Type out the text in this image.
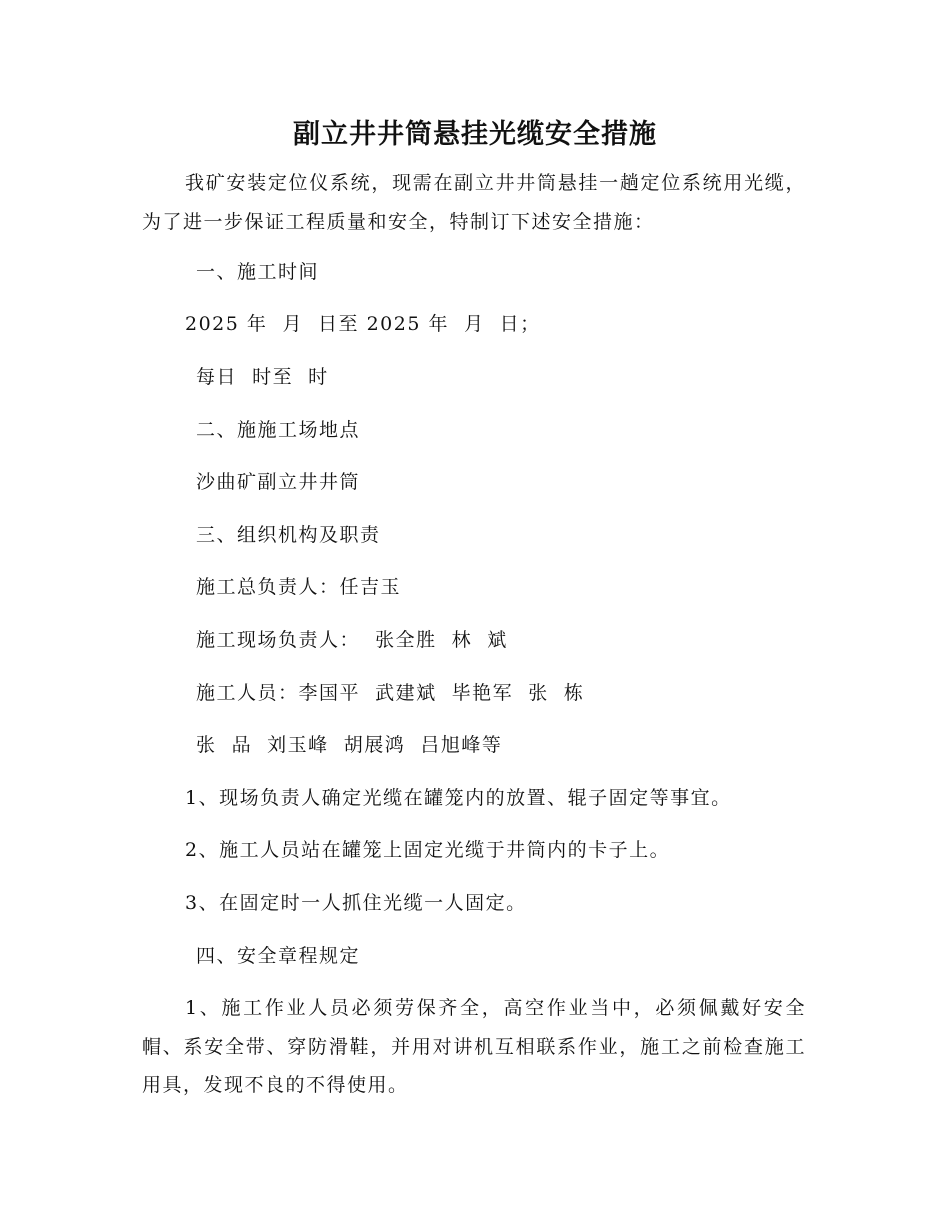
副立井井筒悬挂光缆安全措施
我矿安装定位仪系统，现需在副立井井筒悬挂一趟定位系统用光缆，为了进一步保证工程质量和安全，特制订下述安全措施：
一、施工时间
2025 年  月  日至 2025 年  月  日；
每日  时至  时
二、施施工场地点
沙曲矿副立井井筒
三、组织机构及职责
施工总负责人：任吉玉
施工现场负责人：  张全胜  林  斌
施工人员：李国平  武建斌  毕艳军  张  栋
张  品  刘玉峰  胡展鸿  吕旭峰等
1、现场负责人确定光缆在罐笼内的放置、辊子固定等事宜。
2、施工人员站在罐笼上固定光缆于井筒内的卡子上。
3、在固定时一人抓住光缆一人固定。
四、安全章程规定
1、施工作业人员必须劳保齐全，高空作业当中，必须佩戴好安全帽、系安全带、穿防滑鞋，并用对讲机互相联系作业，施工之前检查施工用具，发现不良的不得使用。
